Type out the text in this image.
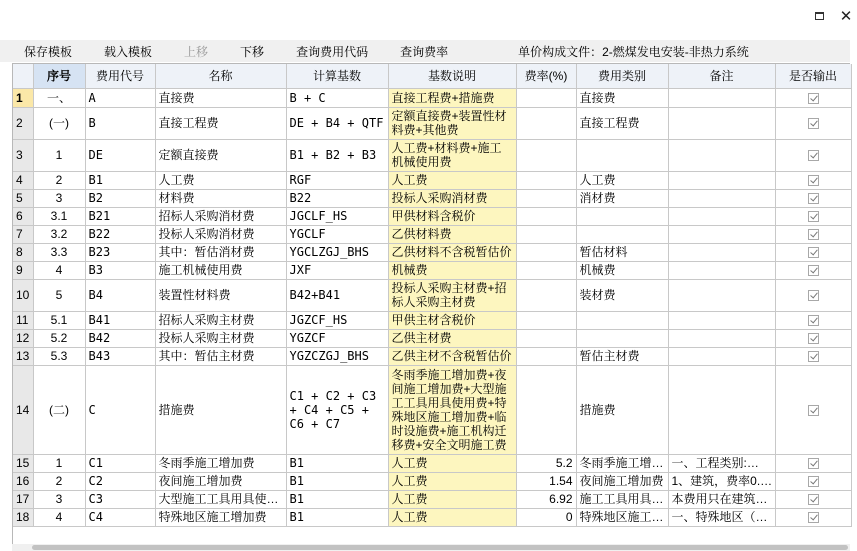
✕
保存模板	载入模板	上移	下移	查询费用代码	查询费率	单价构成文件：2-燃煤发电安装-非热力系统
	序号	费用代号	名称	计算基数	基数说明	费率(%)	费用类别	备注	是否输出
1	一、	A	直接费	B + C	直接工程费+措施费		直接费		
2	(一)	B	直接工程费	DE + B4 + QTF	定额直接费+装置性材料费+其他费		直接工程费		
3	1	DE	定额直接费	B1 + B2 + B3	人工费+材料费+施工机械使用费				
4	2	B1	人工费	RGF	人工费		人工费		
5	3	B2	材料费	B22	投标人采购消材费		消材费		
6	3.1	B21	招标人采购消材费	JGCLF_HS	甲供材料含税价				
7	3.2	B22	投标人采购消材费	YGCLF	乙供材料费				
8	3.3	B23	其中：暂估消材费	YGCLZGJ_BHS	乙供材料不含税暂估价		暂估材料		
9	4	B3	施工机械使用费	JXF	机械费		机械费		
10	5	B4	装置性材料费	B42+B41	投标人采购主材费+招标人采购主材费		装材费		
11	5.1	B41	招标人采购主材费	JGZCF_HS	甲供主材含税价				
12	5.2	B42	投标人采购主材费	YGZCF	乙供主材费				
13	5.3	B43	其中：暂估主材费	YGZCZGJ_BHS	乙供主材不含税暂估价		暂估主材费		
14	(二)	C	措施费	C1 + C2 + C3 + C4 + C5 + C6 + C7	冬雨季施工增加费+夜间施工增加费+大型施工工具用具使用费+特殊地区施工增加费+临时设施费+施工机构迁移费+安全文明施工费		措施费		
15	1	C1	冬雨季施工增加费	B1	人工费	5.2	冬雨季施工增…	一、工程类别:…	
16	2	C2	夜间施工增加费	B1	人工费	1.54	夜间施工增加费	1、建筑，费率0.…	
17	3	C3	大型施工工具用具使…	B1	人工费	6.92	施工工具用具…	本费用只在建筑…	
18	4	C4	特殊地区施工增加费	B1	人工费	0	特殊地区施工…	一、特殊地区（…	
